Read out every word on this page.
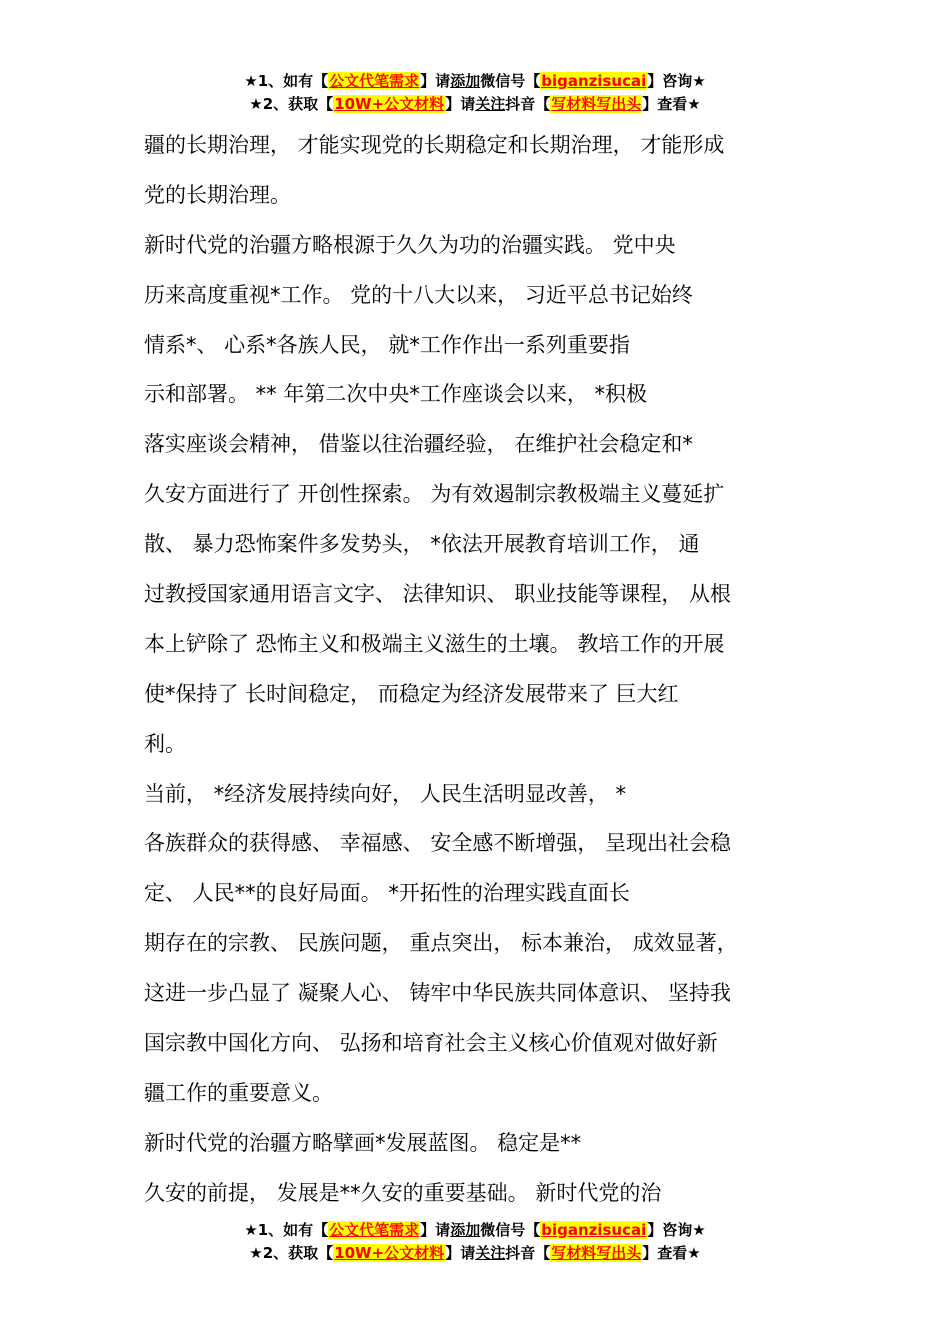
★1、如有【公文代笔需求】请添加微信号【biganzisucai】咨询★
★2、获取【10W+公文材料】请关注抖音【写材料写出头】查看★
疆的长期治理， 才能实现党的长期稳定和长期治理， 才能形成
党的长期治理。
新时代党的治疆方略根源于久久为功的治疆实践。 党中央
历来高度重视*工作。 党的十八大以来， 习近平总书记始终
情系*、 心系*各族人民， 就*工作作出一系列重要指
示和部署。 ** 年第二次中央*工作座谈会以来， *积极
落实座谈会精神， 借鉴以往治疆经验， 在维护社会稳定和*
久安方面进行了 开创性探索。 为有效遏制宗教极端主义蔓延扩
散、 暴力恐怖案件多发势头， *依法开展教育培训工作， 通
过教授国家通用语言文字、 法律知识、 职业技能等课程， 从根
本上铲除了 恐怖主义和极端主义滋生的土壤。 教培工作的开展
使*保持了 长时间稳定， 而稳定为经济发展带来了 巨大红
利。
当前， *经济发展持续向好， 人民生活明显改善， *
各族群众的获得感、 幸福感、 安全感不断增强， 呈现出社会稳
定、 人民**的良好局面。 *开拓性的治理实践直面长
期存在的宗教、 民族问题， 重点突出， 标本兼治， 成效显著，
这进一步凸显了 凝聚人心、 铸牢中华民族共同体意识、 坚持我
国宗教中国化方向、 弘扬和培育社会主义核心价值观对做好新
疆工作的重要意义。
新时代党的治疆方略擘画*发展蓝图。 稳定是**
久安的前提， 发展是**久安的重要基础。 新时代党的治
★1、如有【公文代笔需求】请添加微信号【biganzisucai】咨询★
★2、获取【10W+公文材料】请关注抖音【写材料写出头】查看★
